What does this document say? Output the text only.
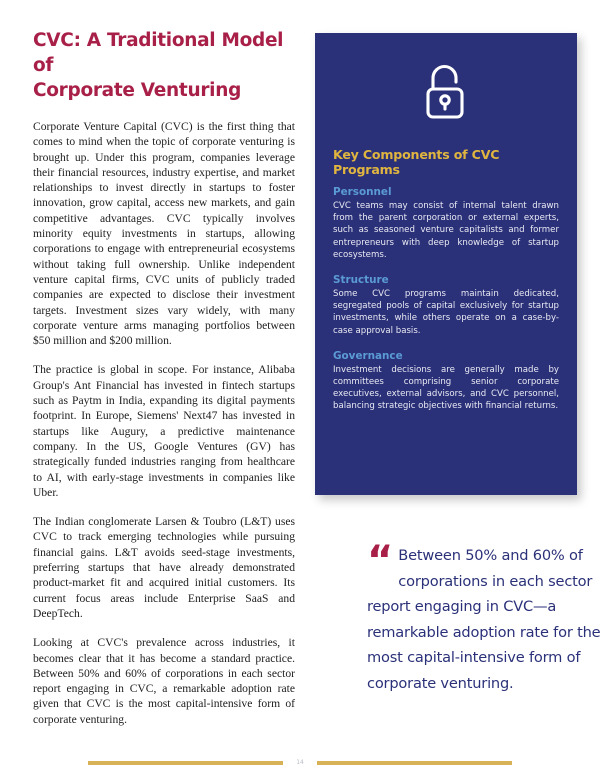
CVC: A Traditional Model of
Corporate Venturing

Corporate Venture Capital (CVC) is the first thing that comes to mind when the topic of corporate venturing is brought up. Under this program, companies leverage their financial resources, industry expertise, and market relationships to invest directly in startups to foster innovation, grow capital, access new markets, and gain competitive advantages. CVC typically involves minority equity investments in startups, allowing corporations to engage with entrepreneurial ecosystems without taking full ownership. Unlike independent venture capital firms, CVC units of publicly traded companies are expected to disclose their investment targets. Investment sizes vary widely, with many corporate venture arms managing portfolios between $50 million and $200 million.

The practice is global in scope. For instance, Alibaba Group's Ant Financial has invested in fintech startups such as Paytm in India, expanding its digital payments footprint. In Europe, Siemens' Next47 has invested in startups like Augury, a predictive maintenance company. In the US, Google Ventures (GV) has strategically funded industries ranging from healthcare to AI, with early-stage investments in companies like Uber.

The Indian conglomerate Larsen & Toubro (L&T) uses CVC to track emerging technologies while pursuing financial gains. L&T avoids seed-stage investments, preferring startups that have already demonstrated product-market fit and acquired initial customers. Its current focus areas include Enterprise SaaS and DeepTech.

Looking at CVC's prevalence across industries, it becomes clear that it has become a standard practice. Between 50% and 60% of corporations in each sector report engaging in CVC, a remarkable adoption rate given that CVC is the most capital-intensive form of corporate venturing.

Key Components of CVC Programs
Personnel

CVC teams may consist of internal talent drawn from the parent corporation or external experts, such as seasoned venture capitalists and former entrepreneurs with deep knowledge of startup ecosystems.

Structure

Some CVC programs maintain dedicated, segregated pools of capital exclusively for startup investments, while others operate on a case-by-case approval basis.

Governance

Investment decisions are generally made by committees comprising senior corporate executives, external advisors, and CVC personnel, balancing strategic objectives with financial returns.

“ Between 50% and 60% of corporations in each sector report engaging in CVC—a remarkable adoption rate for the most capital-intensive form of corporate venturing.

14
